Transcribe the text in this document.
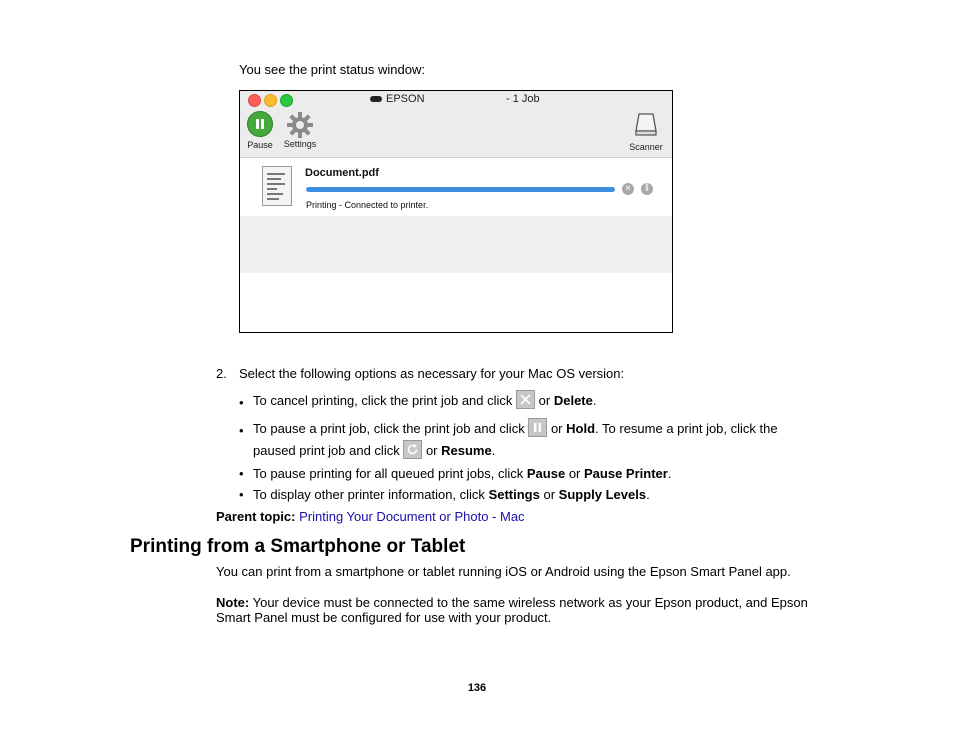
You see the print status window:
EPSON	- 1 Job
Pause	Settings	Scanner
Document.pdf
×	‖
Printing - Connected to printer.
2. Select the following options as necessary for your Mac OS version:
• To cancel printing, click the print job and click or Delete.
• To pause a print job, click the print job and click or Hold. To resume a print job, click the
paused print job and click or Resume.
• To pause printing for all queued print jobs, click Pause or Pause Printer.
• To display other printer information, click Settings or Supply Levels.
Parent topic: Printing Your Document or Photo - Mac
Printing from a Smartphone or Tablet
You can print from a smartphone or tablet running iOS or Android using the Epson Smart Panel app.
Note: Your device must be connected to the same wireless network as your Epson product, and Epson Smart Panel must be configured for use with your product.
136
